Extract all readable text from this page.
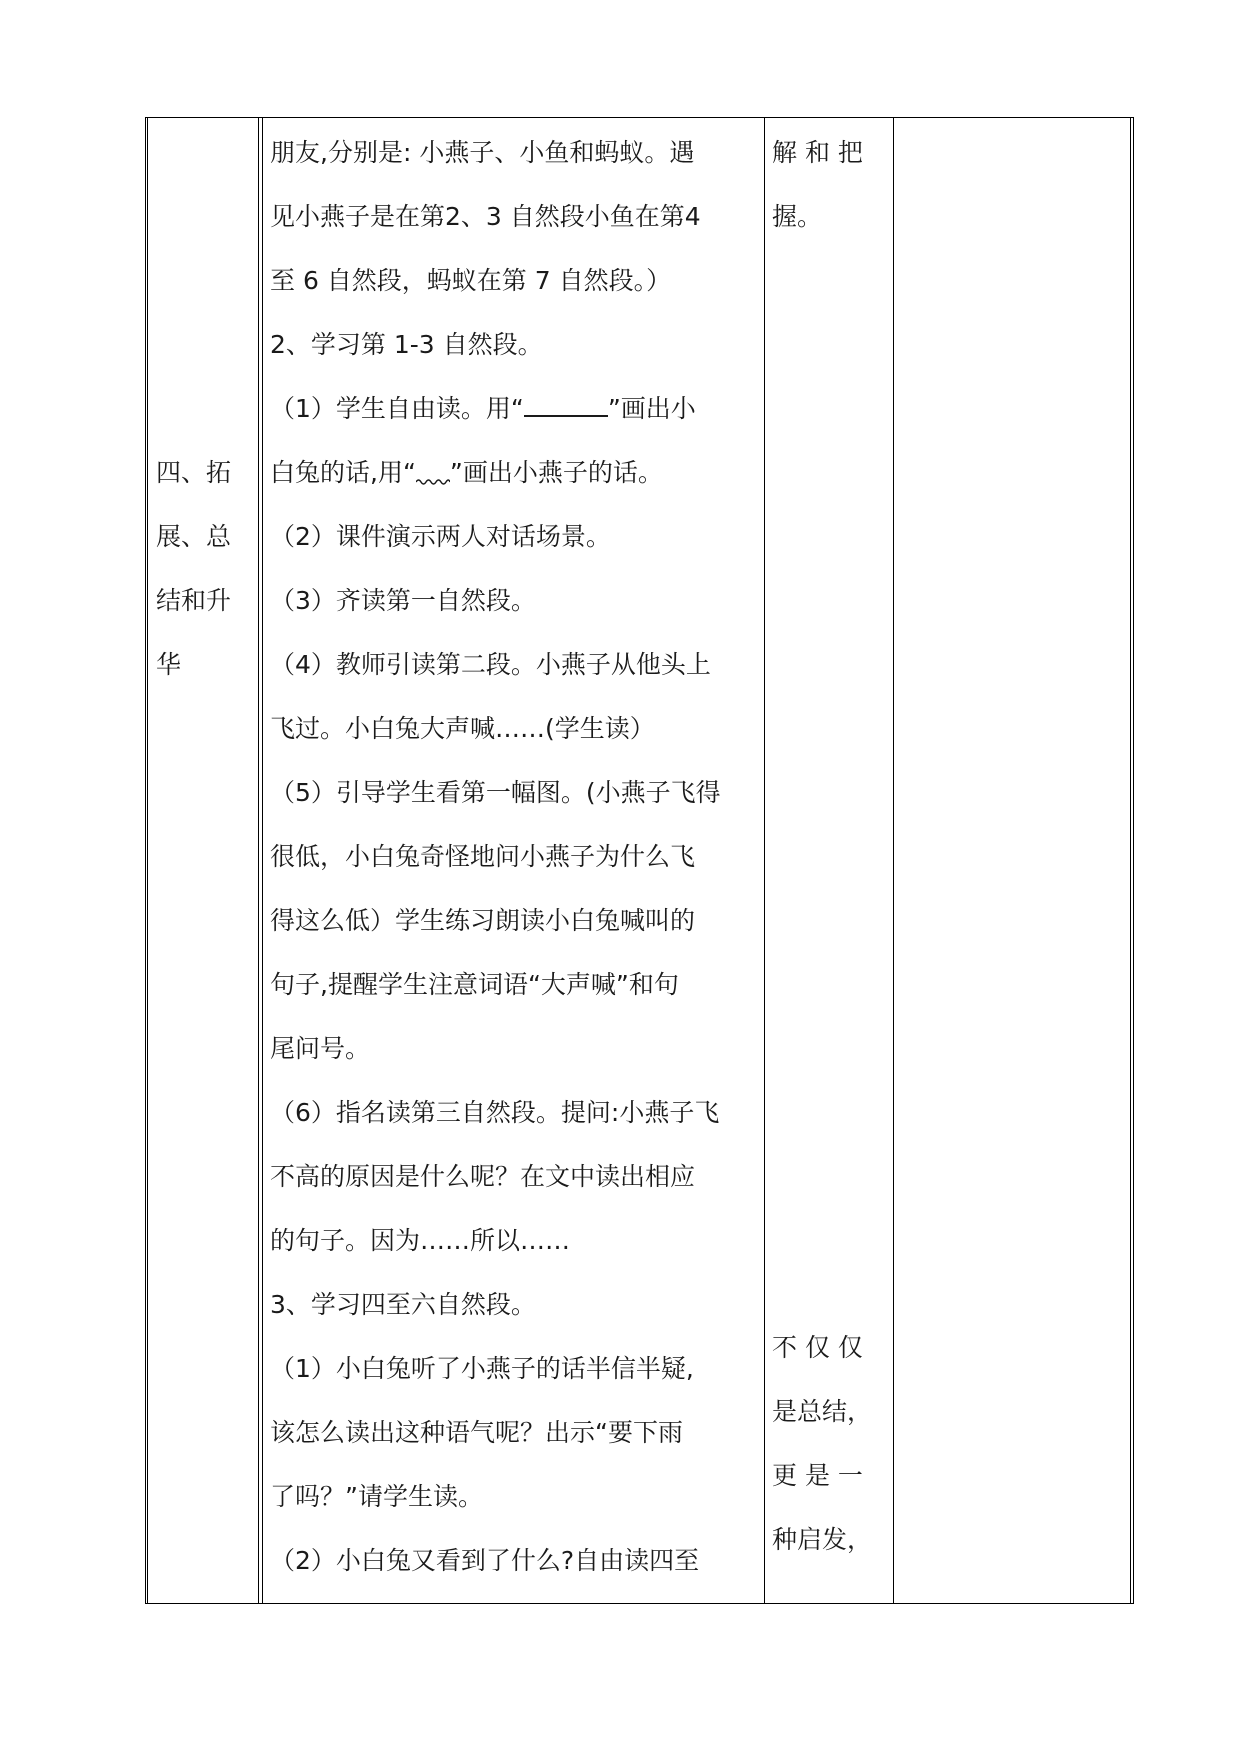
四、拓
展、总
结和升
华
朋友,分别是: 小燕子、小鱼和蚂蚁。遇
见小燕子是在第2、3 自然段小鱼在第4
至 6 自然段，蚂蚁在第 7 自然段。）
2、学习第 1-3 自然段。
（1）学生自由读。用“	”画出小
白兔的话,用“ ”画出小燕子的话。
（2）课件演示两人对话场景。
（3）齐读第一自然段。
（4）教师引读第二段。小燕子从他头上
飞过。小白兔大声喊……(学生读）
（5）引导学生看第一幅图。(小燕子飞得
很低，小白兔奇怪地问小燕子为什么飞
得这么低）学生练习朗读小白兔喊叫的
句子,提醒学生注意词语“大声喊”和句
尾问号。
（6）指名读第三自然段。提问:小燕子飞
不高的原因是什么呢？在文中读出相应
的句子。因为……所以……
3、学习四至六自然段。
（1）小白兔听了小燕子的话半信半疑,
该怎么读出这种语气呢？出示“要下雨
了吗？”请学生读。
（2）小白兔又看到了什么?自由读四至
解 和 把
握。
不 仅 仅
是总结，
更 是 一
种启发，
